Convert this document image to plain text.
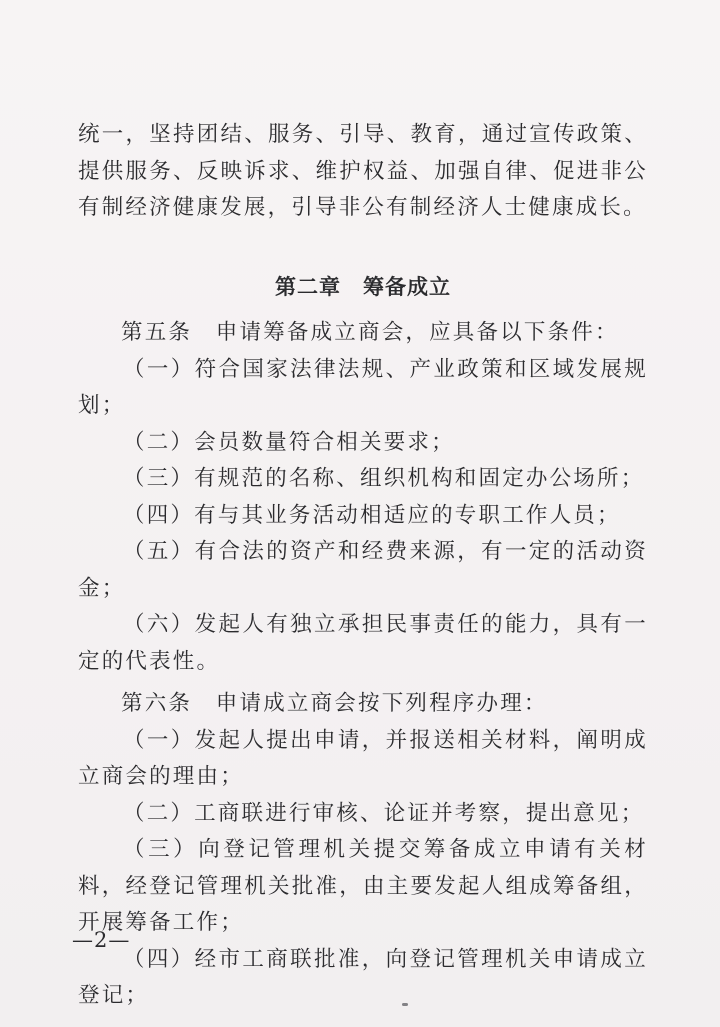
统一，坚持团结、服务、引导、教育，通过宣传政策、提供服务、反映诉求、维护权益、加强自律、促进非公有制经济健康发展，引导非公有制经济人士健康成长。

第二章　筹备成立

第五条　申请筹备成立商会，应具备以下条件：

（一）符合国家法律法规、产业政策和区域发展规划；

（二）会员数量符合相关要求；

（三）有规范的名称、组织机构和固定办公场所；

（四）有与其业务活动相适应的专职工作人员；

（五）有合法的资产和经费来源，有一定的活动资金；

（六）发起人有独立承担民事责任的能力，具有一定的代表性。

第六条　申请成立商会按下列程序办理：

（一）发起人提出申请，并报送相关材料，阐明成立商会的理由；

（二）工商联进行审核、论证并考察，提出意见；

（三）向登记管理机关提交筹备成立申请有关材料，经登记管理机关批准，由主要发起人组成筹备组，开展筹备工作；

（四）经市工商联批准，向登记管理机关申请成立登记；

—2—
